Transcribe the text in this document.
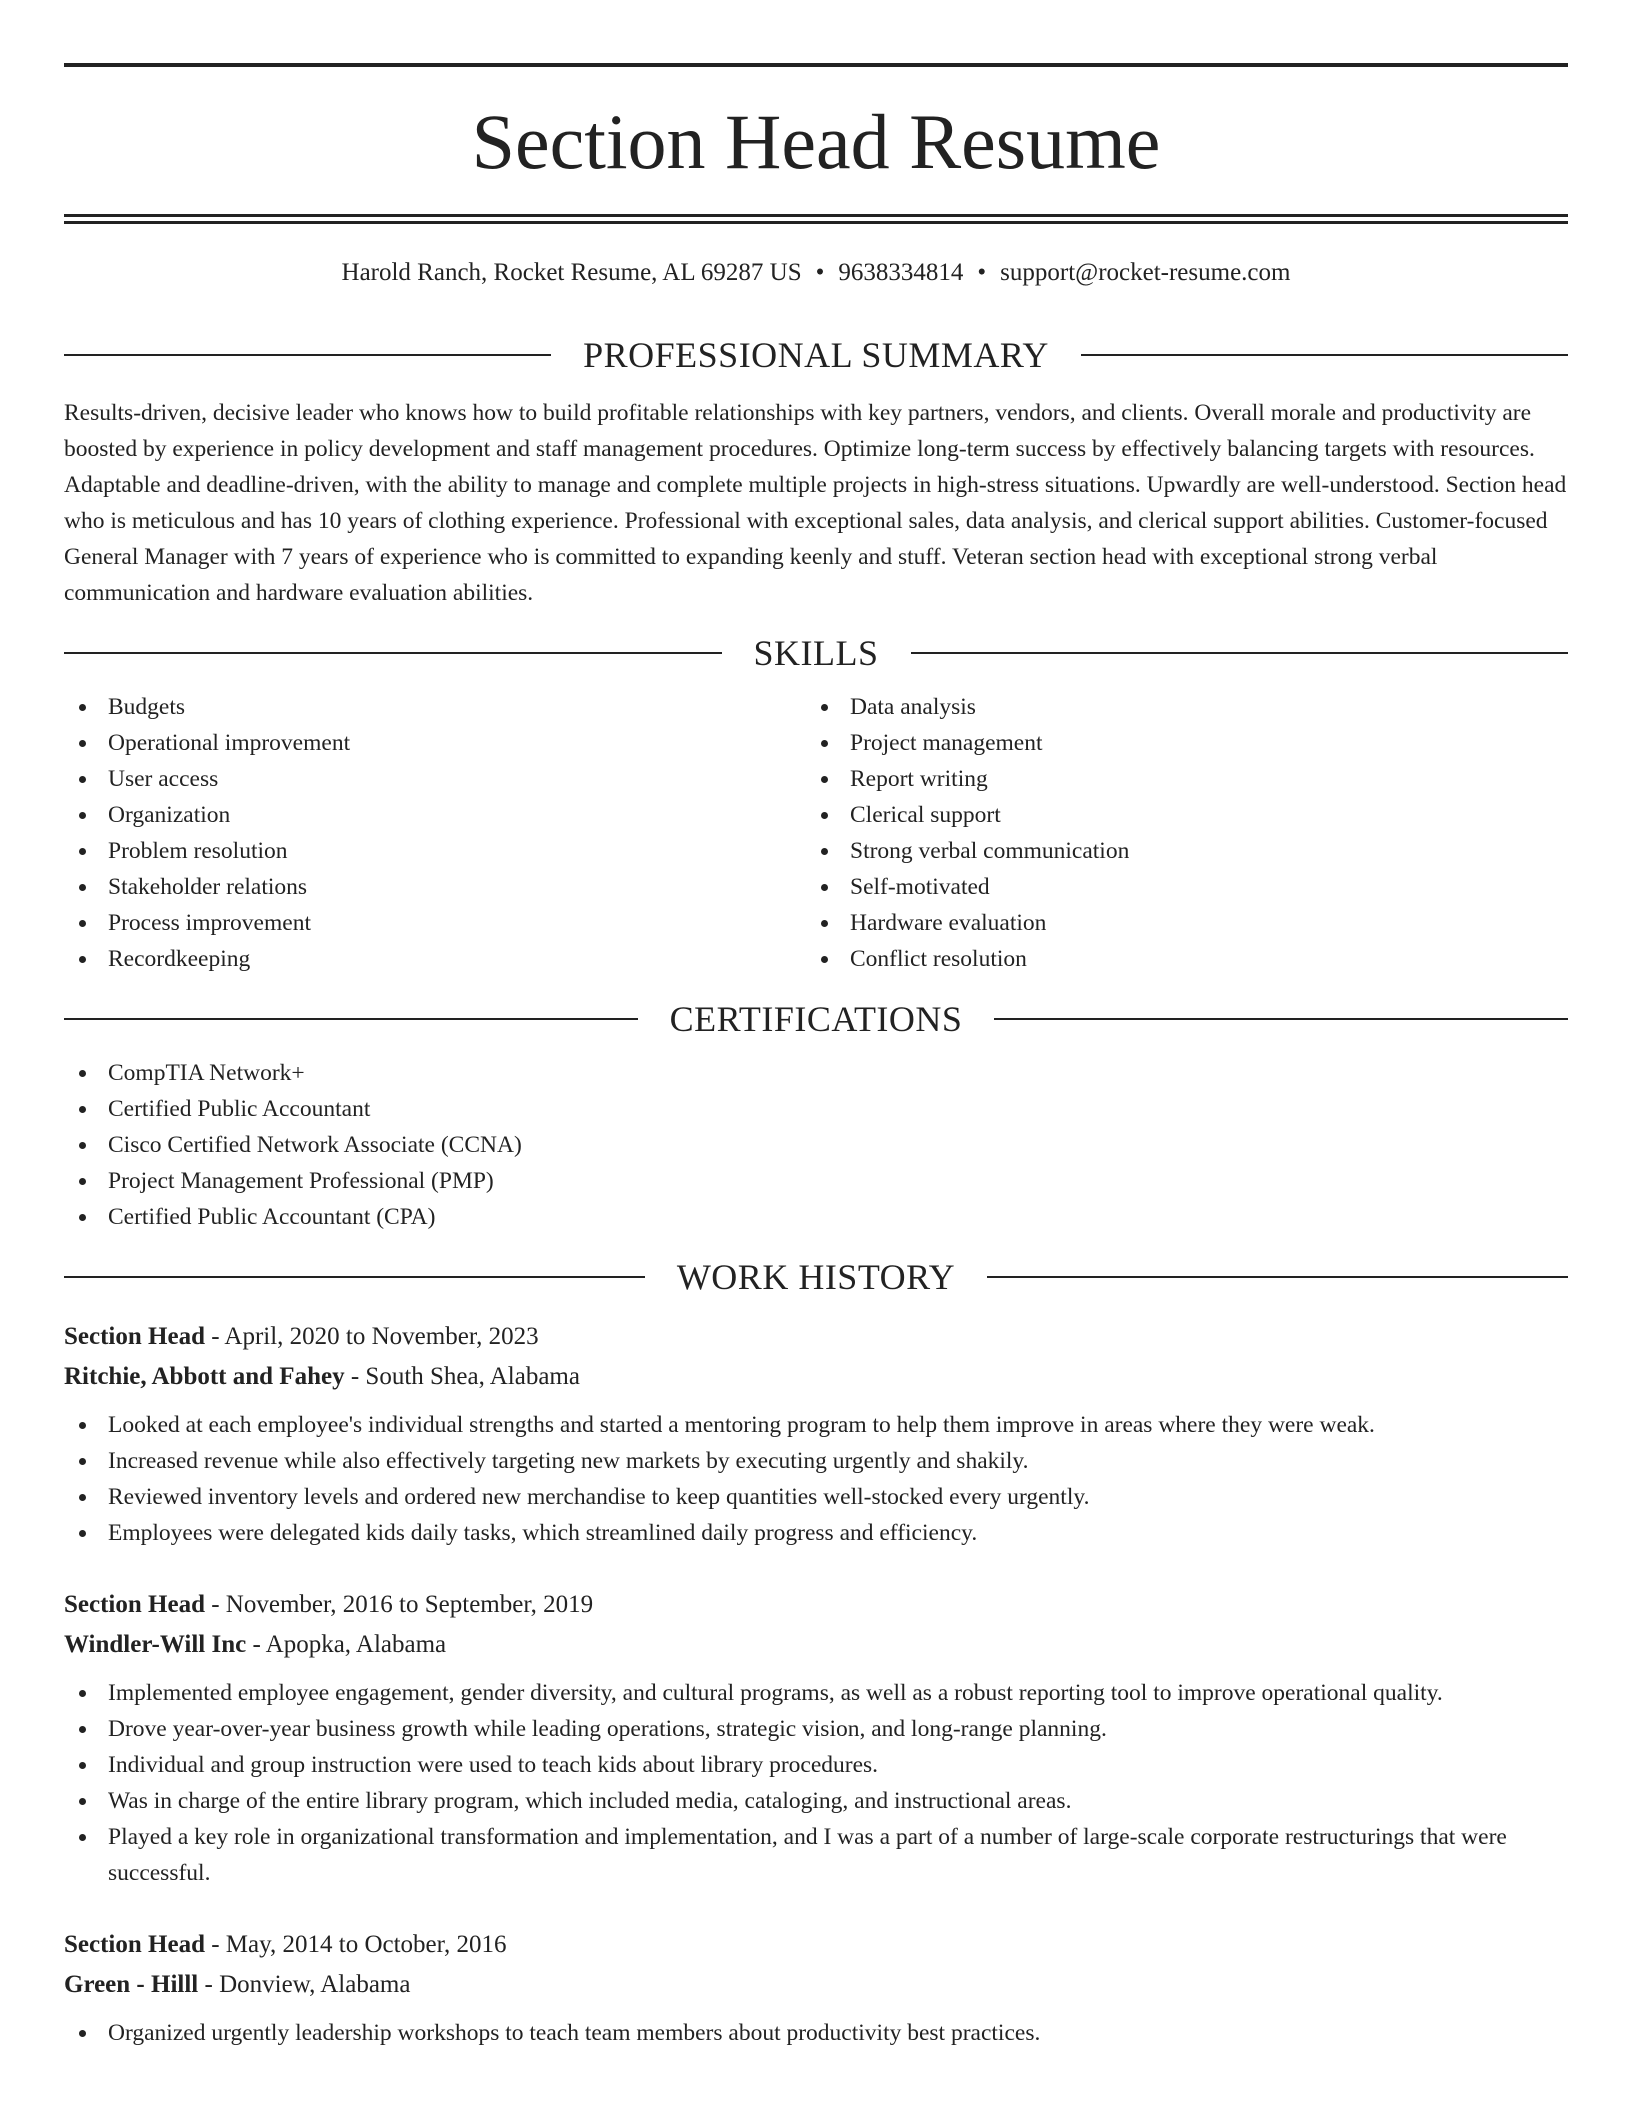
Section Head Resume
Harold Ranch, Rocket Resume, AL 69287 US • 9638334814 • support@rocket-resume.com
PROFESSIONAL SUMMARY
Results-driven, decisive leader who knows how to build profitable relationships with key partners, vendors, and clients. Overall morale and productivity are boosted by experience in policy development and staff management procedures. Optimize long-term success by effectively balancing targets with resources. Adaptable and deadline-driven, with the ability to manage and complete multiple projects in high-stress situations. Upwardly are well-understood. Section head who is meticulous and has 10 years of clothing experience. Professional with exceptional sales, data analysis, and clerical support abilities. Customer-focused General Manager with 7 years of experience who is committed to expanding keenly and stuff. Veteran section head with exceptional strong verbal communication and hardware evaluation abilities.
SKILLS
Budgets
Operational improvement
User access
Organization
Problem resolution
Stakeholder relations
Process improvement
Recordkeeping
Data analysis
Project management
Report writing
Clerical support
Strong verbal communication
Self-motivated
Hardware evaluation
Conflict resolution
CERTIFICATIONS
CompTIA Network+
Certified Public Accountant
Cisco Certified Network Associate (CCNA)
Project Management Professional (PMP)
Certified Public Accountant (CPA)
WORK HISTORY
Section Head - April, 2020 to November, 2023
Ritchie, Abbott and Fahey - South Shea, Alabama
Looked at each employee's individual strengths and started a mentoring program to help them improve in areas where they were weak.
Increased revenue while also effectively targeting new markets by executing urgently and shakily.
Reviewed inventory levels and ordered new merchandise to keep quantities well-stocked every urgently.
Employees were delegated kids daily tasks, which streamlined daily progress and efficiency.
Section Head - November, 2016 to September, 2019
Windler-Will Inc - Apopka, Alabama
Implemented employee engagement, gender diversity, and cultural programs, as well as a robust reporting tool to improve operational quality.
Drove year-over-year business growth while leading operations, strategic vision, and long-range planning.
Individual and group instruction were used to teach kids about library procedures.
Was in charge of the entire library program, which included media, cataloging, and instructional areas.
Played a key role in organizational transformation and implementation, and I was a part of a number of large-scale corporate restructurings that were successful.
Section Head - May, 2014 to October, 2016
Green - Hilll - Donview, Alabama
Organized urgently leadership workshops to teach team members about productivity best practices.
